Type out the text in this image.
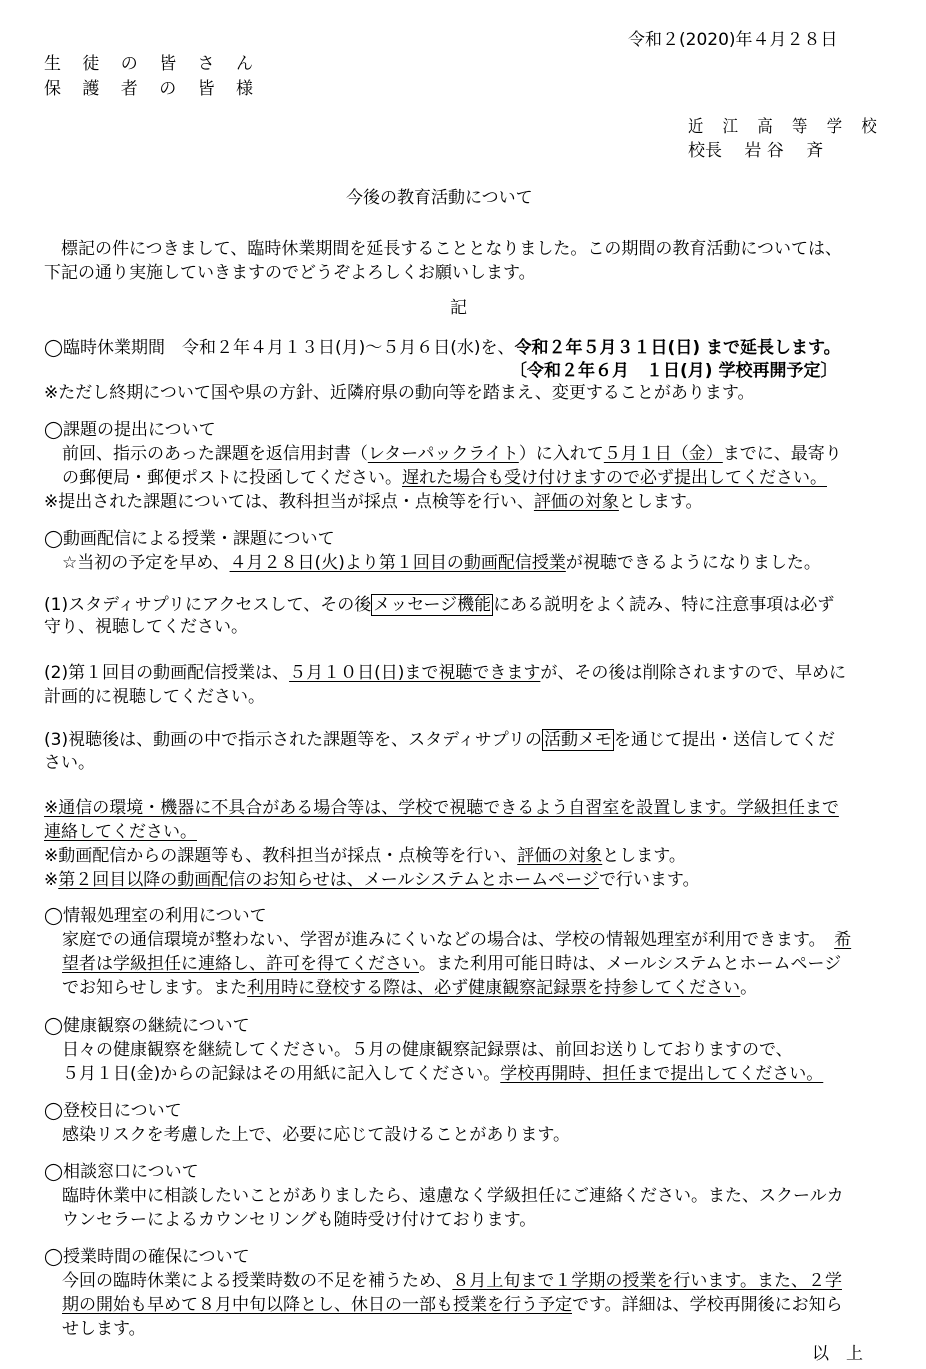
令和２(2020)年４月２８日
生 徒 の 皆 さ ん
保 護 者 の 皆 様
近 江 高 等 学 校
校長　 岩 谷 　斉
今後の教育活動について
　標記の件につきまして、臨時休業期間を延長することとなりました。この期間の教育活動については、
下記の通り実施していきますのでどうぞよろしくお願いします。
記
◯臨時休業期間　令和２年４月１３日(月)～５月６日(水)を、令和２年５月３１日(日) まで延長します。
〔令和２年６月　１日(月) 学校再開予定〕
※ただし終期について国や県の方針、近隣府県の動向等を踏まえ、変更することがあります。
◯課題の提出について
前回、指示のあった課題を返信用封書（レターパックライト）に入れて５月１日（金）までに、最寄り
の郵便局・郵便ポストに投函してください。遅れた場合も受け付けますので必ず提出してください。
※提出された課題については、教科担当が採点・点検等を行い、評価の対象とします。
◯動画配信による授業・課題について
☆当初の予定を早め、４月２８日(火)より第１回目の動画配信授業が視聴できるようになりました。
(1)スタディサプリにアクセスして、その後 メッセージ機能 にある説明をよく読み、特に注意事項は必ず
守り、視聴してください。
(2)第１回目の動画配信授業は、５月１０日(日)まで視聴できますが、その後は削除されますので、早めに
計画的に視聴してください。
(3)視聴後は、動画の中で指示された課題等を、スタディサプリの 活動メモ を通じて提出・送信してくだ
さい。
※通信の環境・機器に不具合がある場合等は、学校で視聴できるよう自習室を設置します。学級担任まで
連絡してください。
※動画配信からの課題等も、教科担当が採点・点検等を行い、評価の対象とします。
※第２回目以降の動画配信のお知らせは、メールシステムとホームページで行います。
◯情報処理室の利用について
家庭での通信環境が整わない、学習が進みにくいなどの場合は、学校の情報処理室が利用できます。　希
望者は学級担任に連絡し、許可を得てください。また利用可能日時は、メールシステムとホームページ
でお知らせします。また利用時に登校する際は、必ず健康観察記録票を持参してください。
◯健康観察の継続について
日々の健康観察を継続してください。５月の健康観察記録票は、前回お送りしておりますので、
５月１日(金)からの記録はその用紙に記入してください。学校再開時、担任まで提出してください。
◯登校日について
感染リスクを考慮した上で、必要に応じて設けることがあります。
◯相談窓口について
臨時休業中に相談したいことがありましたら、遠慮なく学級担任にご連絡ください。また、スクールカ
ウンセラーによるカウンセリングも随時受け付けております。
◯授業時間の確保について
今回の臨時休業による授業時数の不足を補うため、８月上旬まで１学期の授業を行います。また、２学
期の開始も早めて８月中旬以降とし、休日の一部も授業を行う予定です。詳細は、学校再開後にお知ら
せします。
以　上
